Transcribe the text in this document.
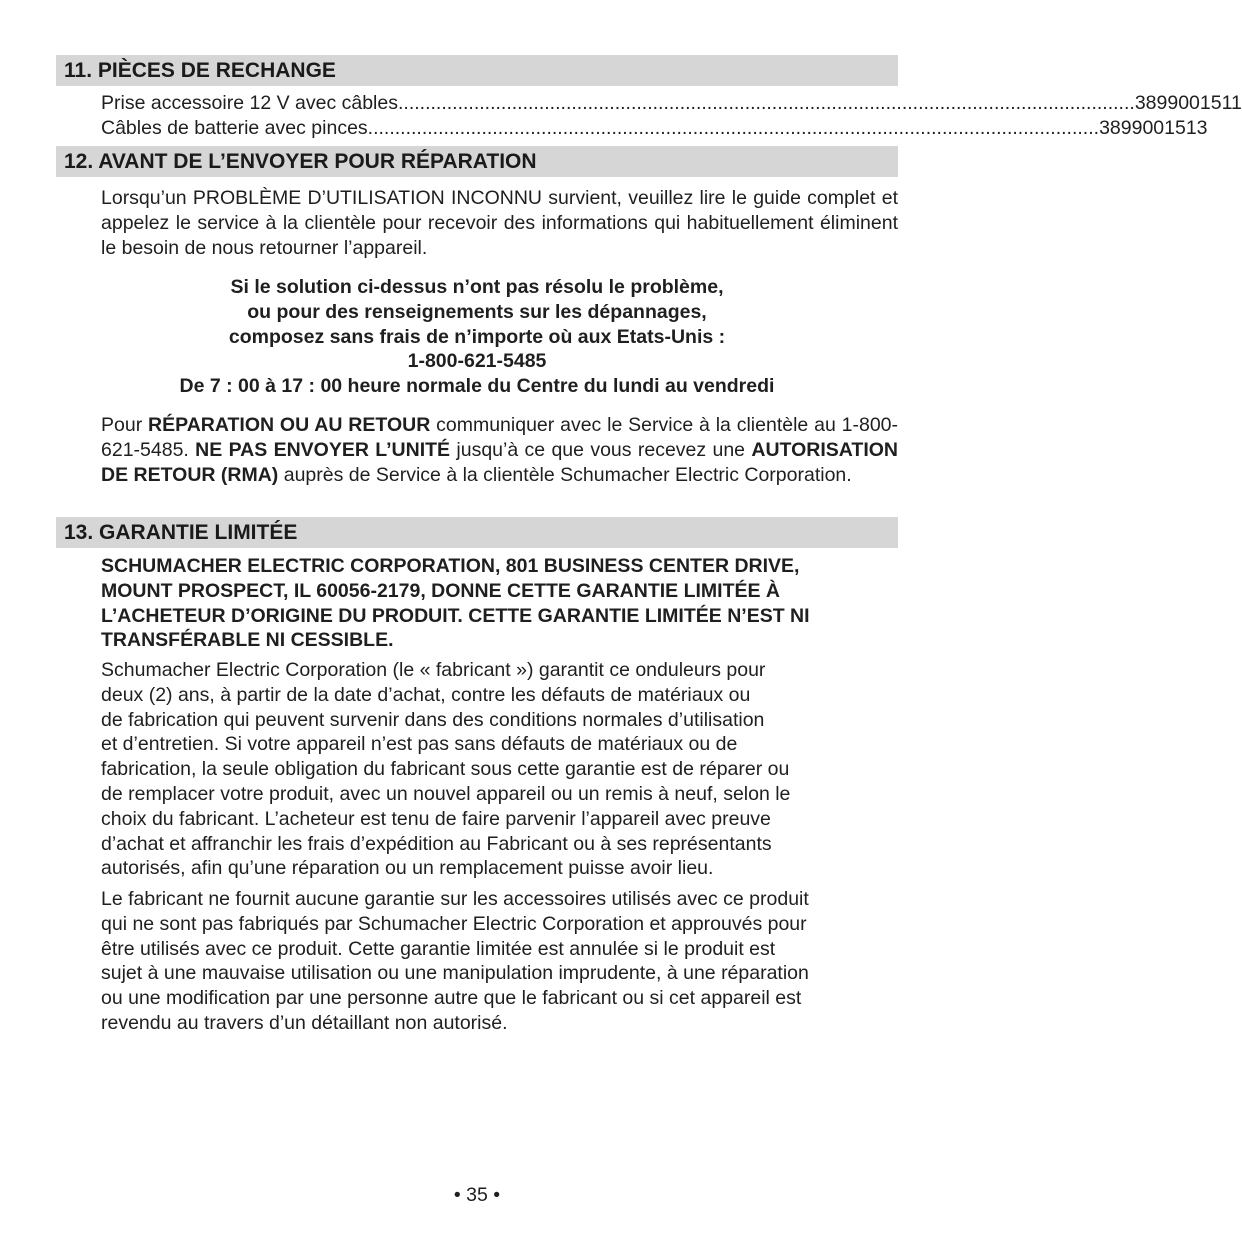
11. PIÈCES DE RECHANGE
Prise accessoire 12 V avec câbles. ....................................................................................................................................... 3899001511
Câbles de batterie avec pinces ....................................................................................................................................... 3899001513
12. AVANT DE L’ENVOYER POUR RÉPARATION
Lorsqu’un PROBLÈME D’UTILISATION INCONNU survient, veuillez lire le guide complet et appelez le service à la clientèle pour recevoir des informations qui habituellement éliminent le besoin de nous retourner l’appareil.
Si le solution ci-dessus n’ont pas résolu le problème,
ou pour des renseignements sur les dépannages,
composez sans frais de n’importe où aux Etats-Unis :
1-800-621-5485
De 7 : 00 à 17 : 00 heure normale du Centre du lundi au vendredi
Pour RÉPARATION OU AU RETOUR communiquer avec le Service à la clientèle au 1-800-621-5485. NE PAS ENVOYER L’UNITÉ jusqu’à ce que vous recevez une AUTORISATION DE RETOUR (RMA) auprès de Service à la clientèle Schumacher Electric Corporation.
13. GARANTIE LIMITÉE
SCHUMACHER ELECTRIC CORPORATION, 801 BUSINESS CENTER DRIVE,
MOUNT PROSPECT, IL 60056-2179, DONNE CETTE GARANTIE LIMITÉE À
L’ACHETEUR D’ORIGINE DU PRODUIT. CETTE GARANTIE LIMITÉE N’EST NI
TRANSFÉRABLE NI CESSIBLE.
Schumacher Electric Corporation (le « fabricant ») garantit ce onduleurs pour
deux (2) ans, à partir de la date d’achat, contre les défauts de matériaux ou
de fabrication qui peuvent survenir dans des conditions normales d’utilisation
et d’entretien. Si votre appareil n’est pas sans défauts de matériaux ou de
fabrication, la seule obligation du fabricant sous cette garantie est de réparer ou
de remplacer votre produit, avec un nouvel appareil ou un remis à neuf, selon le
choix du fabricant. L’acheteur est tenu de faire parvenir l’appareil avec preuve
d’achat et affranchir les frais d’expédition au Fabricant ou à ses représentants
autorisés, afin qu’une réparation ou un remplacement puisse avoir lieu.
Le fabricant ne fournit aucune garantie sur les accessoires utilisés avec ce produit
qui ne sont pas fabriqués par Schumacher Electric Corporation et approuvés pour
être utilisés avec ce produit. Cette garantie limitée est annulée si le produit est
sujet à une mauvaise utilisation ou une manipulation imprudente, à une réparation
ou une modification par une personne autre que le fabricant ou si cet appareil est
revendu au travers d’un détaillant non autorisé.
• 35 •
